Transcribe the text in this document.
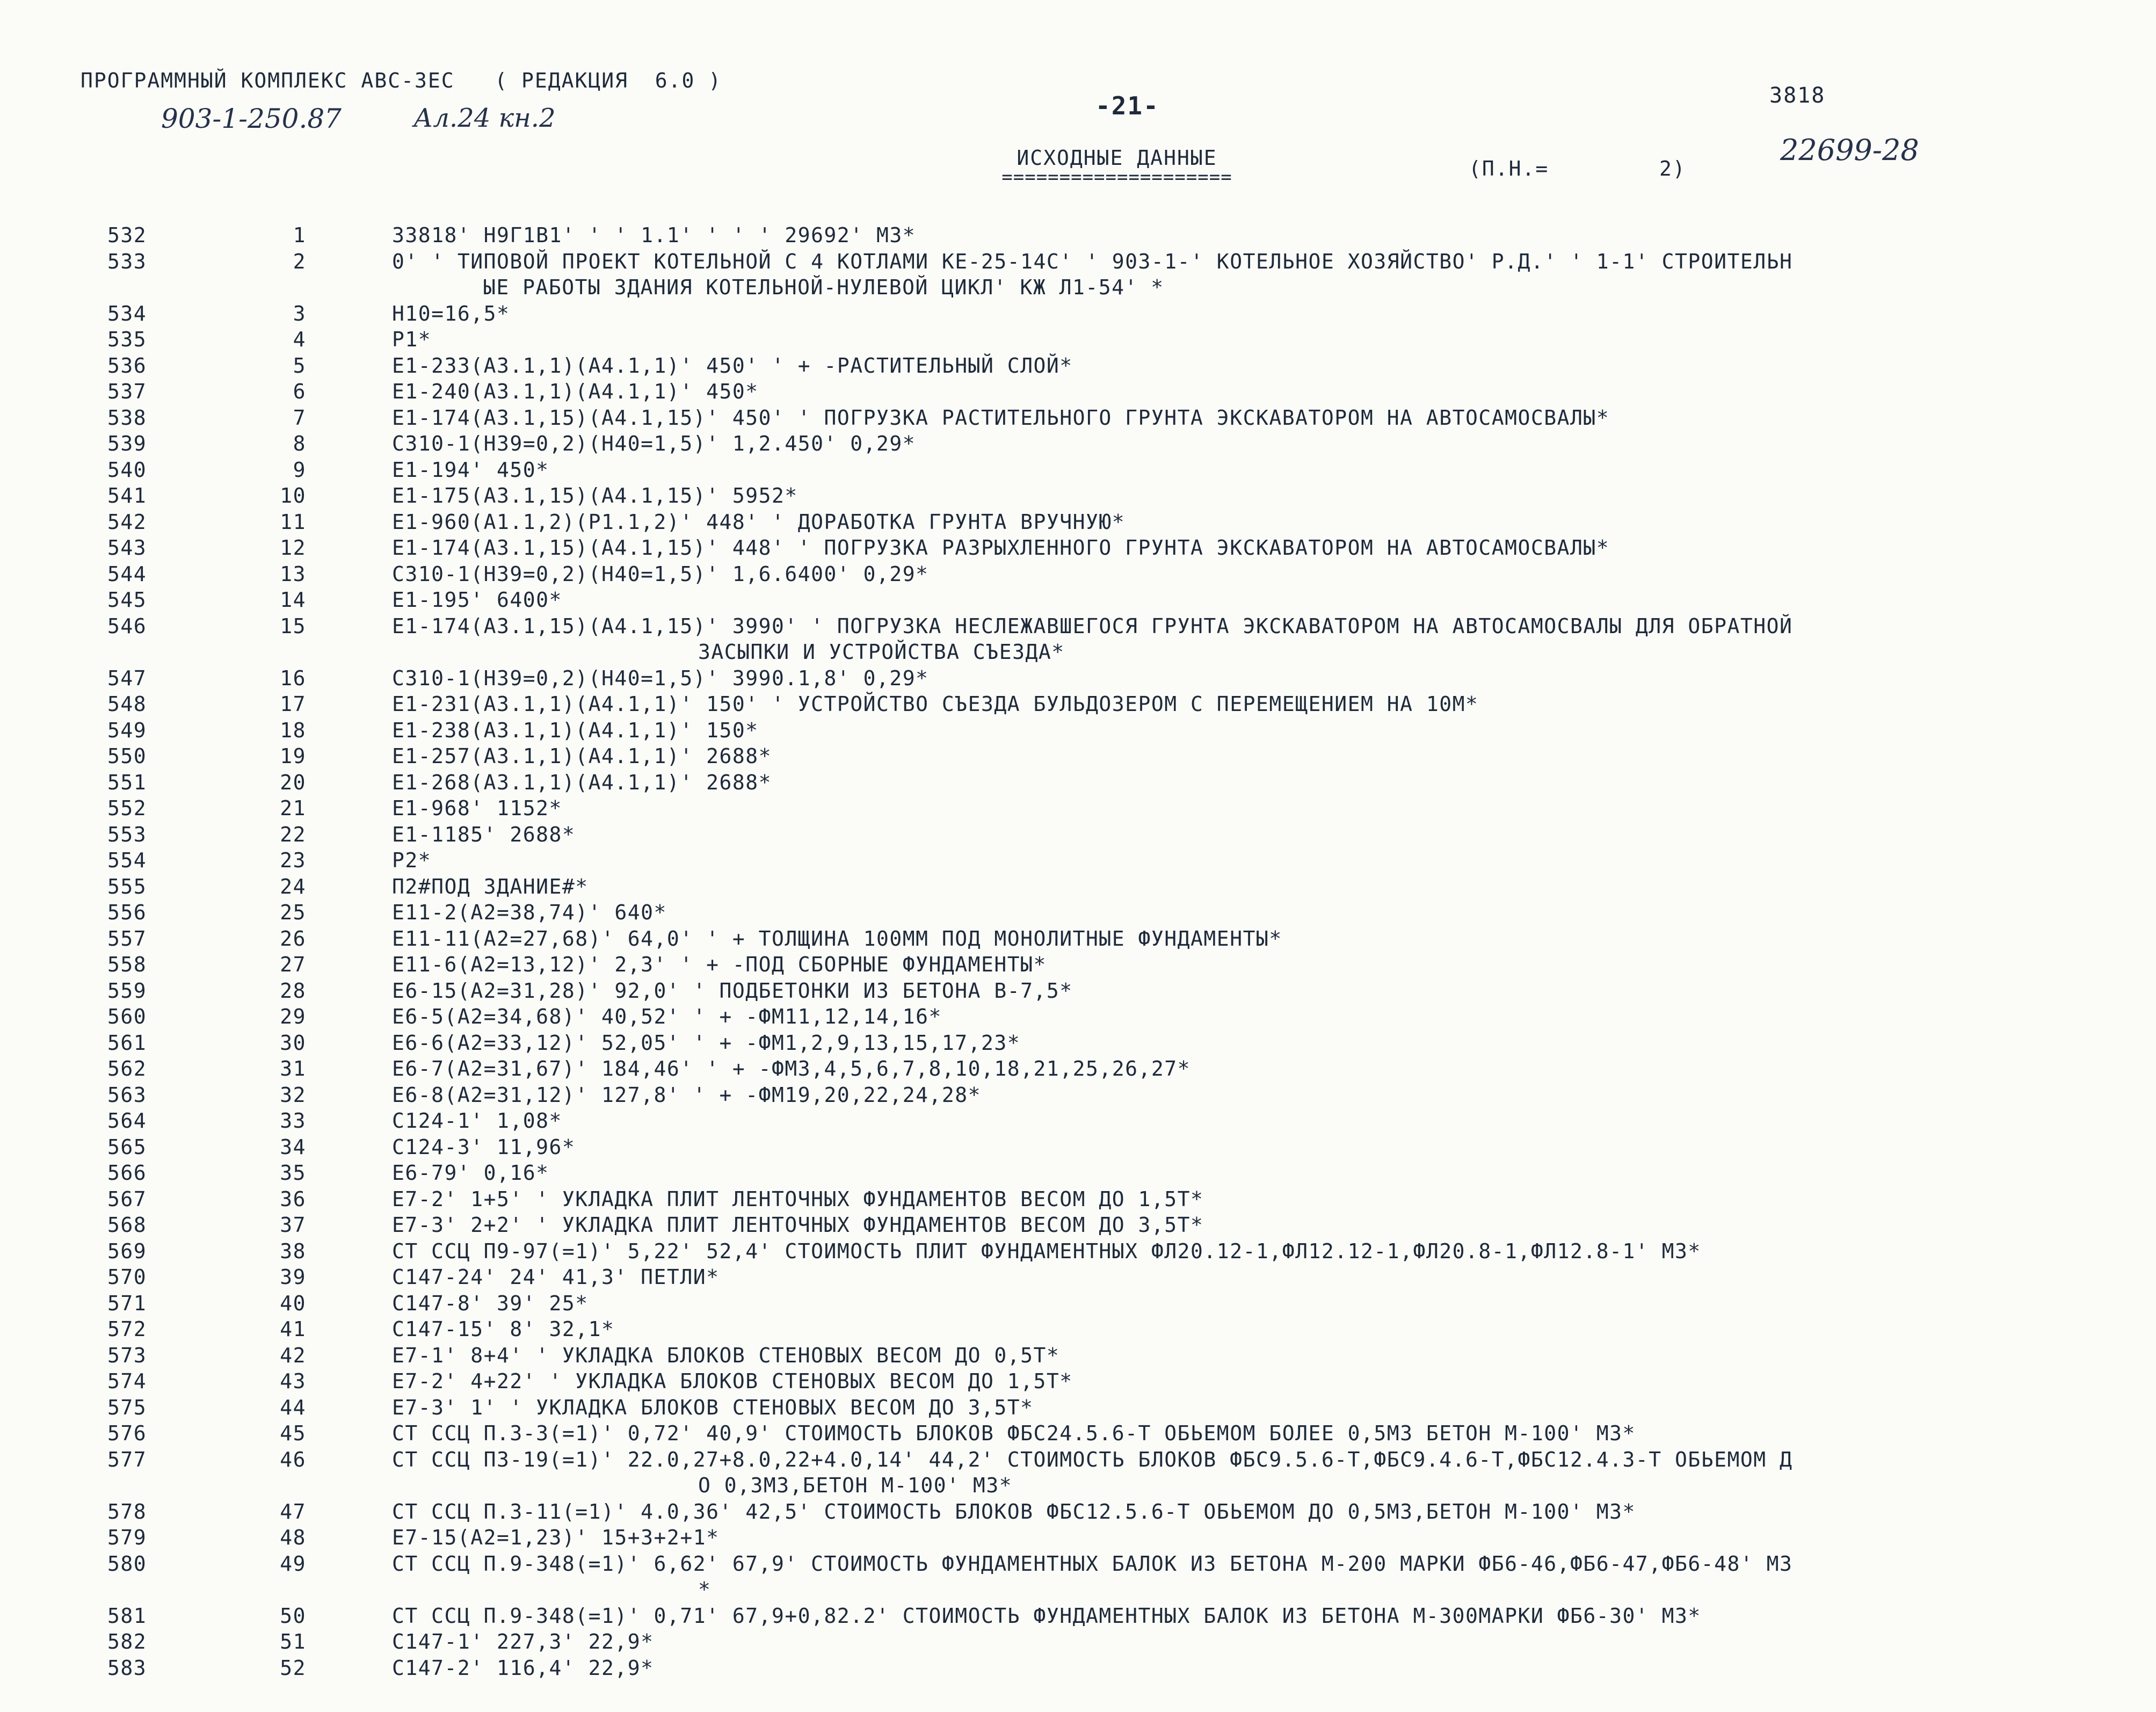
ПРОГРАММНЫЙ КОМПЛЕКС АВС-3ЕС   ( РЕДАКЦИЯ  6.0 )
903-1-250.87	Ал.24 кн.2	-21-	3818
22699-28
ИСХОДНЫЕ ДАННЫЕ
====================	(П.Н.=	2)
532	1	33818' Н9Г1В1' ' ' 1.1' ' ' ' 29692' М3*
533	2	0' ' ТИПОВОЙ ПРОЕКТ КОТЕЛЬНОЙ С 4 КОТЛАМИ КЕ-25-14С' ' 903-1-' КОТЕЛЬНОЕ ХОЗЯЙСТВО' Р.Д.' ' 1-1' СТРОИТЕЛЬН
ЫЕ РАБОТЫ ЗДАНИЯ КОТЕЛЬНОЙ-НУЛЕВОЙ ЦИКЛ' КЖ Л1-54' *
534	3	Н10=16,5*
535	4	Р1*
536	5	Е1-233(А3.1,1)(А4.1,1)' 450' ' + -РАСТИТЕЛЬНЫЙ СЛОЙ*
537	6	Е1-240(А3.1,1)(А4.1,1)' 450*
538	7	Е1-174(А3.1,15)(А4.1,15)' 450' ' ПОГРУЗКА РАСТИТЕЛЬНОГО ГРУНТА ЭКСКАВАТОРОМ НА АВТОСАМОСВАЛЫ*
539	8	С310-1(Н39=0,2)(Н40=1,5)' 1,2.450' 0,29*
540	9	Е1-194' 450*
541	10	Е1-175(А3.1,15)(А4.1,15)' 5952*
542	11	Е1-960(А1.1,2)(Р1.1,2)' 448' ' ДОРАБОТКА ГРУНТА ВРУЧНУЮ*
543	12	Е1-174(А3.1,15)(А4.1,15)' 448' ' ПОГРУЗКА РАЗРЫХЛЕННОГО ГРУНТА ЭКСКАВАТОРОМ НА АВТОСАМОСВАЛЫ*
544	13	С310-1(Н39=0,2)(Н40=1,5)' 1,6.6400' 0,29*
545	14	Е1-195' 6400*
546	15	Е1-174(А3.1,15)(А4.1,15)' 3990' ' ПОГРУЗКА НЕСЛЕЖАВШЕГОСЯ ГРУНТА ЭКСКАВАТОРОМ НА АВТОСАМОСВАЛЫ ДЛЯ ОБРАТНОЙ
ЗАСЫПКИ И УСТРОЙСТВА СЪЕЗДА*
547	16	С310-1(Н39=0,2)(Н40=1,5)' 3990.1,8' 0,29*
548	17	Е1-231(А3.1,1)(А4.1,1)' 150' ' УСТРОЙСТВО СЪЕЗДА БУЛЬДОЗЕРОМ С ПЕРЕМЕЩЕНИЕМ НА 10М*
549	18	Е1-238(А3.1,1)(А4.1,1)' 150*
550	19	Е1-257(А3.1,1)(А4.1,1)' 2688*
551	20	Е1-268(А3.1,1)(А4.1,1)' 2688*
552	21	Е1-968' 1152*
553	22	Е1-1185' 2688*
554	23	Р2*
555	24	П2#ПОД ЗДАНИЕ#*
556	25	Е11-2(А2=38,74)' 640*
557	26	Е11-11(А2=27,68)' 64,0' ' + ТОЛЩИНА 100ММ ПОД МОНОЛИТНЫЕ ФУНДАМЕНТЫ*
558	27	Е11-6(А2=13,12)' 2,3' ' + -ПОД СБОРНЫЕ ФУНДАМЕНТЫ*
559	28	Е6-15(А2=31,28)' 92,0' ' ПОДБЕТОНКИ ИЗ БЕТОНА В-7,5*
560	29	Е6-5(А2=34,68)' 40,52' ' + -ФМ11,12,14,16*
561	30	Е6-6(А2=33,12)' 52,05' ' + -ФМ1,2,9,13,15,17,23*
562	31	Е6-7(А2=31,67)' 184,46' ' + -ФМ3,4,5,6,7,8,10,18,21,25,26,27*
563	32	Е6-8(А2=31,12)' 127,8' ' + -ФМ19,20,22,24,28*
564	33	С124-1' 1,08*
565	34	С124-3' 11,96*
566	35	Е6-79' 0,16*
567	36	Е7-2' 1+5' ' УКЛАДКА ПЛИТ ЛЕНТОЧНЫХ ФУНДАМЕНТОВ ВЕСОМ ДО 1,5Т*
568	37	Е7-3' 2+2' ' УКЛАДКА ПЛИТ ЛЕНТОЧНЫХ ФУНДАМЕНТОВ ВЕСОМ ДО 3,5Т*
569	38	СТ ССЦ П9-97(=1)' 5,22' 52,4' СТОИМОСТЬ ПЛИТ ФУНДАМЕНТНЫХ ФЛ20.12-1,ФЛ12.12-1,ФЛ20.8-1,ФЛ12.8-1' М3*
570	39	С147-24' 24' 41,3' ПЕТЛИ*
571	40	С147-8' 39' 25*
572	41	С147-15' 8' 32,1*
573	42	Е7-1' 8+4' ' УКЛАДКА БЛОКОВ СТЕНОВЫХ ВЕСОМ ДО 0,5Т*
574	43	Е7-2' 4+22' ' УКЛАДКА БЛОКОВ СТЕНОВЫХ ВЕСОМ ДО 1,5Т*
575	44	Е7-3' 1' ' УКЛАДКА БЛОКОВ СТЕНОВЫХ ВЕСОМ ДО 3,5Т*
576	45	СТ ССЦ П.3-3(=1)' 0,72' 40,9' СТОИМОСТЬ БЛОКОВ ФБС24.5.6-Т ОБЬЕМОМ БОЛЕЕ 0,5М3 БЕТОН М-100' М3*
577	46	СТ ССЦ П3-19(=1)' 22.0,27+8.0,22+4.0,14' 44,2' СТОИМОСТЬ БЛОКОВ ФБС9.5.6-Т,ФБС9.4.6-Т,ФБС12.4.3-Т ОБЬЕМОМ Д
О 0,3М3,БЕТОН М-100' М3*
578	47	СТ ССЦ П.3-11(=1)' 4.0,36' 42,5' СТОИМОСТЬ БЛОКОВ ФБС12.5.6-Т ОБЬЕМОМ ДО 0,5М3,БЕТОН М-100' М3*
579	48	Е7-15(А2=1,23)' 15+3+2+1*
580	49	СТ ССЦ П.9-348(=1)' 6,62' 67,9' СТОИМОСТЬ ФУНДАМЕНТНЫХ БАЛОК ИЗ БЕТОНА М-200 МАРКИ ФБ6-46,ФБ6-47,ФБ6-48' М3
*
581	50	СТ ССЦ П.9-348(=1)' 0,71' 67,9+0,82.2' СТОИМОСТЬ ФУНДАМЕНТНЫХ БАЛОК ИЗ БЕТОНА М-300МАРКИ ФБ6-30' М3*
582	51	С147-1' 227,3' 22,9*
583	52	С147-2' 116,4' 22,9*
